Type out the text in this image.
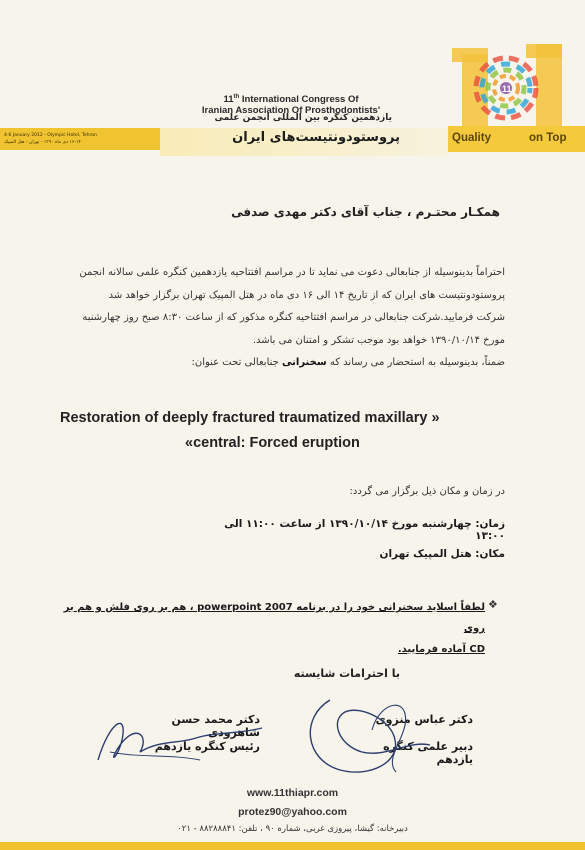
4-6 January 2012 - Olympic Hotel, Tehran
۱۶-۱۴ دی ماه ۱۳۹۰ - تهران - هتل المپیک
11th International Congress Of
Iranian Association Of Prosthodontists'
یازدهمین کنگره بین المللی انجمن علمی
پروستودونتیست‌های ایران
11
Quality	on Top
همکـار محتـرم ، جناب آقای دکتر مهدی صدفی
احتراماً بدینوسیله از جنابعالی دعوت می نماید تا در مراسم افتتاحیه یازدهمین کنگره علمی سالانه انجمن
پروستودونتیست های ایران که از تاریخ ۱۴ الی ۱۶ دی ماه در هتل المپیک تهران برگزار خواهد شد
شرکت فرمایید.شرکت جنابعالی در مراسم افتتاحیه کنگره مذکور که از ساعت ۸:۳۰ صبح روز چهارشنبه
مورخ ۱۳۹۰/۱۰/۱۴ خواهد بود موجب تشکر و امتنان می باشد.
ضمناً، بدینوسیله به استحضار می رساند که سخنرانی جنابعالی تحت عنوان:
Restoration of deeply fractured traumatized maxillary »
«central: Forced eruption
در زمان و مکان ذیل برگزار می گردد:
زمان: چهارشنبه مورخ ۱۳۹۰/۱۰/۱۴ از ساعت ۱۱:۰۰ الی ۱۳:۰۰
مکان: هتل المپیک تهران
❖
لطفاً اسلاید سخنرانی خود را در برنامه powerpoint 2007 ، هم بر روی فلش و هم بر روی
CD آماده فرمایید.
با احترامات شایسته
دکتر محمد حسن شاهرودی
رئیس کنگره یازدهم
دکتر عباس منزوی
دبیر علمی کنگره یازدهم
www.11thiapr.com
protez90@yahoo.com
دبیرخانه: گیشا، پیروزی غربی، شماره ۹۰ ، تلفن: ۸۸۲۸۸۸۴۱ - ۰۲۱
